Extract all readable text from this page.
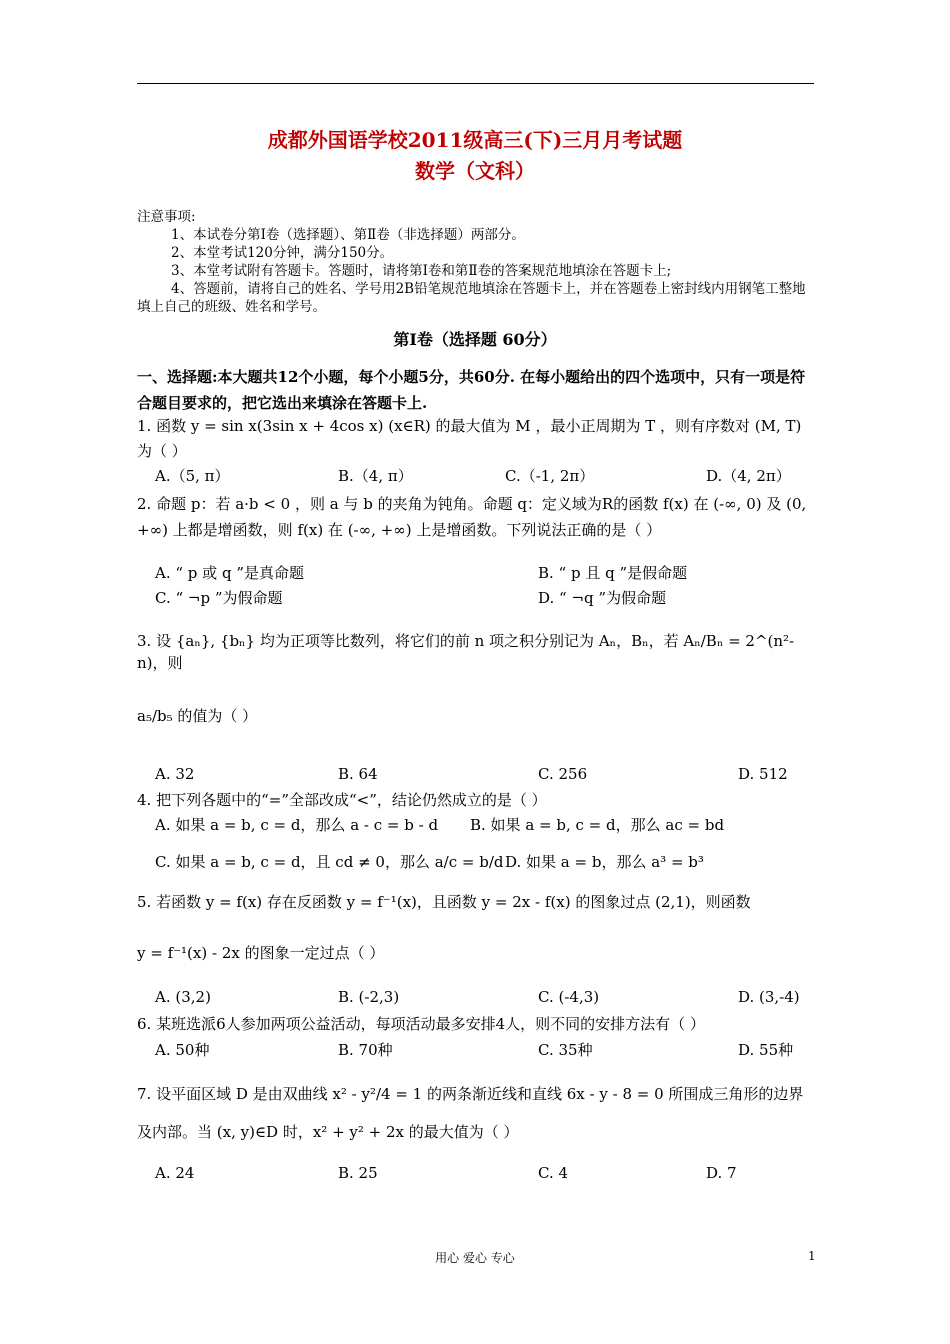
成都外国语学校2011级高三(下)三月月考试题
数学（文科）
注意事项:
1、本试卷分第Ⅰ卷（选择题）、第Ⅱ卷（非选择题）两部分。
2、本堂考试120分钟，满分150分。
3、本堂考试附有答题卡。答题时，请将第Ⅰ卷和第Ⅱ卷的答案规范地填涂在答题卡上;
4、答题前，请将自己的姓名、学号用2B铅笔规范地填涂在答题卡上，并在答题卷上密封线内用钢笔工整地填上自己的班级、姓名和学号。
第Ⅰ卷（选择题 60分）
一、选择题:本大题共12个小题，每个小题5分，共60分. 在每小题给出的四个选项中，只有一项是符合题目要求的，把它选出来填涂在答题卡上.
1. 函数 y = sin x(3sin x + 4cos x) (x∈R) 的最大值为 M ，最小正周期为 T ，则有序数对 (M, T) 为（ ）
A.（5, π）	B.（4, π）	C.（-1, 2π）	D.（4, 2π）
2. 命题 p：若 a·b < 0 ，则 a 与 b 的夹角为钝角。命题 q：定义域为R的函数 f(x) 在 (-∞, 0) 及 (0, +∞) 上都是增函数，则 f(x) 在 (-∞, +∞) 上是增函数。下列说法正确的是（ ）
A. “ p 或 q ”是真命题	B. “ p 且 q ”是假命题
C. “ ¬p ”为假命题	D. “ ¬q ”为假命题
3. 设 {aₙ}, {bₙ} 均为正项等比数列，将它们的前 n 项之积分别记为 Aₙ，Bₙ，若 Aₙ/Bₙ = 2^(n²-n)，则
a₅/b₅ 的值为（ ）
A. 32	B. 64	C. 256	D. 512
4. 把下列各题中的“=”全部改成“<”，结论仍然成立的是（ ）
A. 如果 a = b, c = d，那么 a - c = b - d B. 如果 a = b, c = d，那么 ac = bd
C. 如果 a = b, c = d，且 cd ≠ 0，那么 a/c = b/d D. 如果 a = b，那么 a³ = b³
5. 若函数 y = f(x) 存在反函数 y = f⁻¹(x)，且函数 y = 2x - f(x) 的图象过点 (2,1)，则函数
y = f⁻¹(x) - 2x 的图象一定过点（ ）
A. (3,2)	B. (-2,3)	C. (-4,3)	D. (3,-4)
6. 某班选派6人参加两项公益活动，每项活动最多安排4人，则不同的安排方法有（ ）
A. 50种	B. 70种	C. 35种	D. 55种
7. 设平面区域 D 是由双曲线 x² - y²/4 = 1 的两条渐近线和直线 6x - y - 8 = 0 所围成三角形的边界及内部。当 (x, y)∈D 时，x² + y² + 2x 的最大值为（ ）
A. 24	B. 25	C. 4	D. 7
用心 爱心 专心	1
